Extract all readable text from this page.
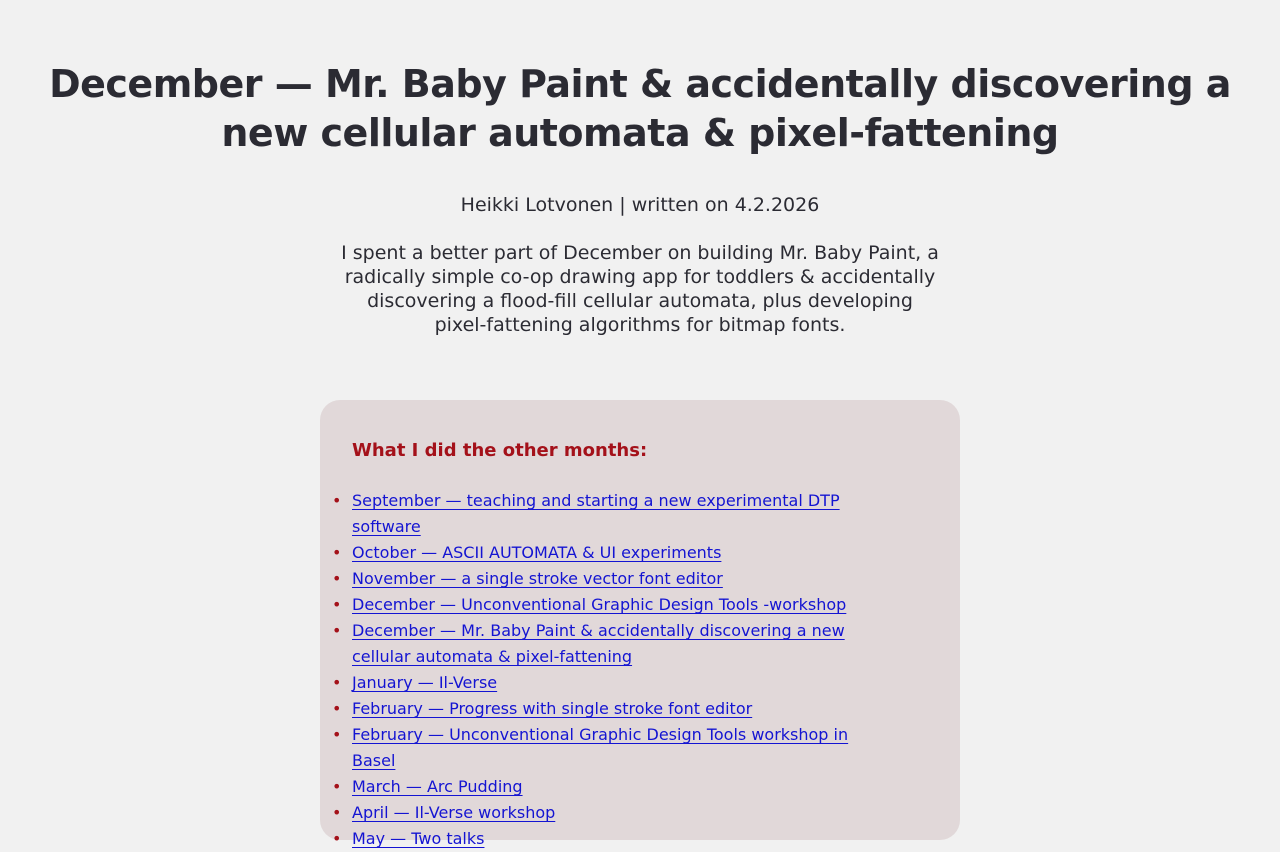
December — Mr. Baby Paint & accidentally discovering a new cellular automata & pixel-fattening
Heikki Lotvonen | written on 4.2.2026

I spent a better part of December on building Mr. Baby Paint, a radically simple co-op drawing app for toddlers & accidentally discovering a flood-fill cellular automata, plus developing pixel-fattening algorithms for bitmap fonts.

What I did the other months:
• September — teaching and starting a new experimental DTP software
• October — ASCII AUTOMATA & UI experiments
• November — a single stroke vector font editor
• December — Unconventional Graphic Design Tools -workshop
• December — Mr. Baby Paint & accidentally discovering a new cellular automata & pixel-fattening
• January — Il-Verse
• February — Progress with single stroke font editor
• February — Unconventional Graphic Design Tools workshop in Basel
• March — Arc Pudding
• April — Il-Verse workshop
• May — Two talks
